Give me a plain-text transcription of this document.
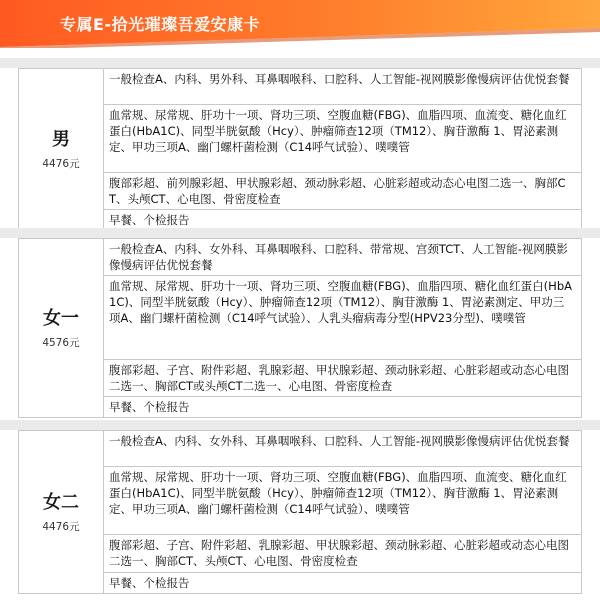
专属E-拾光璀璨吾爱安康卡
男
4476元
	一般检查A、内科、男外科、耳鼻咽喉科、口腔科、人工智能-视网膜影像慢病评估优悦套餐
血常规、尿常规、肝功十一项、肾功三项、空腹血糖(FBG)、血脂四项、血流变、糖化血红蛋白(HbA1C)、同型半胱氨酸（Hcy）、肿瘤筛查12项（TM12）、胸苷激酶 1、胃泌素测定、甲功三项A、幽门螺杆菌检测（C14呼气试验）、噗噗管
腹部彩超、前列腺彩超、甲状腺彩超、颈动脉彩超、心脏彩超或动态心电图二选一、胸部CT、头颅CT、心电图、骨密度检查
早餐、个检报告
女一
4576元
	一般检查A、内科、女外科、耳鼻咽喉科、口腔科、带常规、宫颈TCT、人工智能-视网膜影像慢病评估优悦套餐
血常规、尿常规、肝功十一项、肾功三项、空腹血糖(FBG)、血脂四项、糖化血红蛋白(HbA1C)、同型半胱氨酸（Hcy）、肿瘤筛查12项（TM12）、胸苷激酶 1、胃泌素测定、甲功三项A、幽门螺杆菌检测（C14呼气试验）、人乳头瘤病毒分型(HPV23分型)、噗噗管
腹部彩超、子宫、附件彩超、乳腺彩超、甲状腺彩超、颈动脉彩超、心脏彩超或动态心电图二选一、胸部CT或头颅CT二选一、心电图、骨密度检查
早餐、个检报告
女二
4476元
	一般检查A、内科、女外科、耳鼻咽喉科、口腔科、人工智能-视网膜影像慢病评估优悦套餐
血常规、尿常规、肝功十一项、肾功三项、空腹血糖(FBG)、血脂四项、血流变、糖化血红蛋白(HbA1C)、同型半胱氨酸（Hcy）、肿瘤筛查12项（TM12）、胸苷激酶 1、胃泌素测定、甲功三项A、幽门螺杆菌检测（C14呼气试验）、噗噗管
腹部彩超、子宫、附件彩超、乳腺彩超、甲状腺彩超、颈动脉彩超、心脏彩超或动态心电图二选一、胸部CT、头颅CT、心电图、骨密度检查
早餐、个检报告
